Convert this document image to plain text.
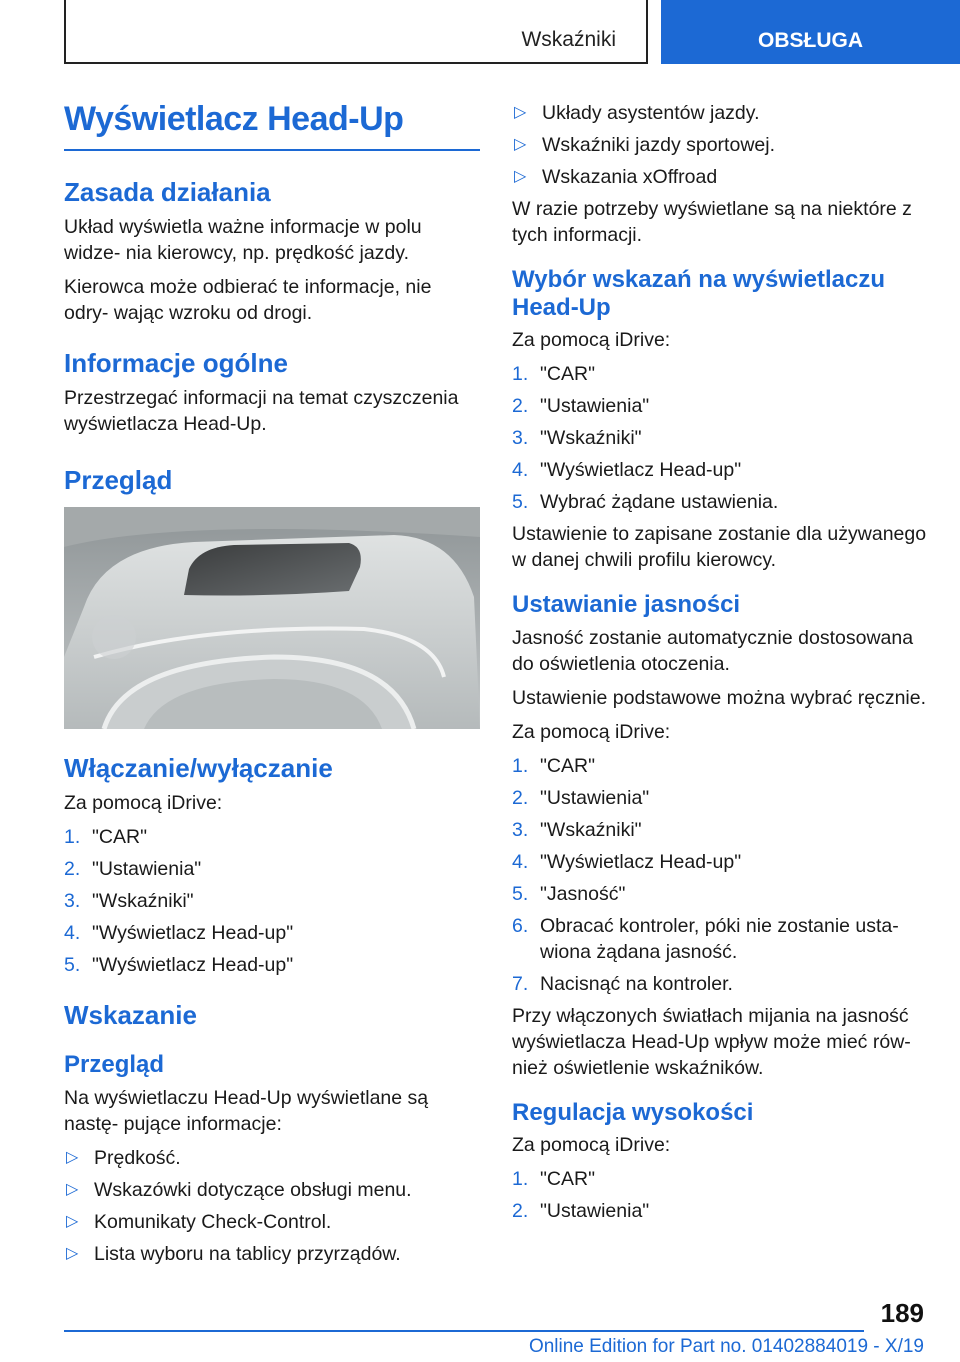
Wskaźniki	OBSŁUGA
Wyświetlacz Head-Up
Zasada działania

Układ wyświetla ważne informacje w polu widze- nia kierowcy, np. prędkość jazdy.

Kierowca może odbierać te informacje, nie odry- wając wzroku od drogi.

Informacje ogólne

Przestrzegać informacji na temat czyszczenia wyświetlacza Head-Up.

Przegląd
Włączanie/wyłączanie

Za pomocą iDrive:

1. "CAR"
2. "Ustawienia"
3. "Wskaźniki"
4. "Wyświetlacz Head-up"
5. "Wyświetlacz Head-up"
Wskazanie
Przegląd

Na wyświetlaczu Head-Up wyświetlane są nastę- pujące informacje:

▷ Prędkość.
▷ Wskazówki dotyczące obsługi menu.
▷ Komunikaty Check-Control.
▷ Lista wyboru na tablicy przyrządów.
▷ Układy asystentów jazdy.
▷ Wskaźniki jazdy sportowej.
▷ Wskazania xOffroad

W razie potrzeby wyświetlane są na niektóre z tych informacji.

Wybór wskazań na wyświetlaczu Head-Up

Za pomocą iDrive:

1. "CAR"
2. "Ustawienia"
3. "Wskaźniki"
4. "Wyświetlacz Head-up"
5. Wybrać żądane ustawienia.

Ustawienie to zapisane zostanie dla używanego w danej chwili profilu kierowcy.

Ustawianie jasności

Jasność zostanie automatycznie dostosowana do oświetlenia otoczenia.

Ustawienie podstawowe można wybrać ręcznie.

Za pomocą iDrive:

1. "CAR"
2. "Ustawienia"
3. "Wskaźniki"
4. "Wyświetlacz Head-up"
5. "Jasność"
6. Obracać kontroler, póki nie zostanie usta- wiona żądana jasność.
7. Nacisnąć na kontroler.

Przy włączonych światłach mijania na jasność wyświetlacza Head-Up wpływ może mieć rów- nież oświetlenie wskaźników.

Regulacja wysokości

Za pomocą iDrive:

1. "CAR"
2. "Ustawienia"
189
Online Edition for Part no. 01402884019 - X/19
